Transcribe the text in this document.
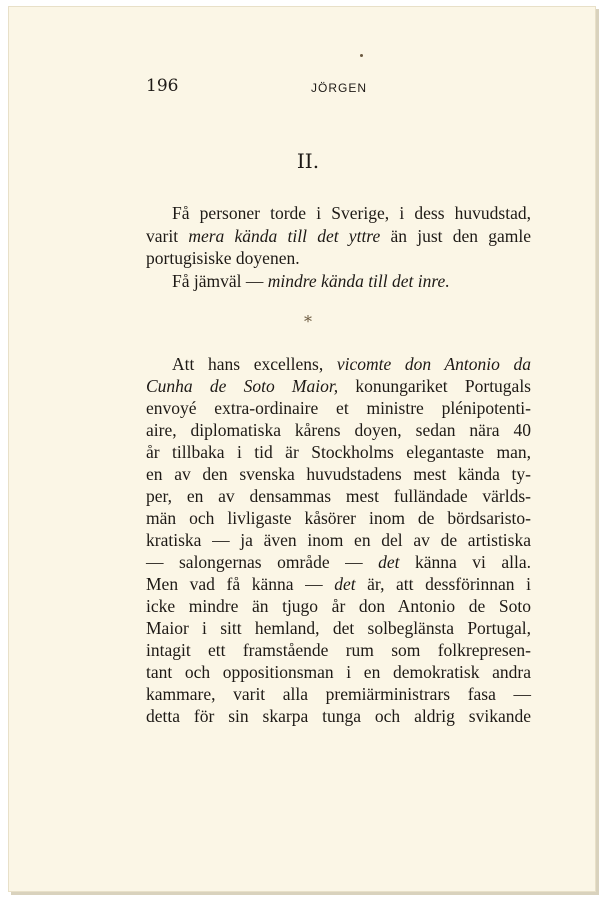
196	JÖRGEN
II.
Få personer torde i Sverige, i dess huvudstad,
varit mera kända till det yttre än just den gamle
portugisiske doyenen.
Få jämväl — mindre kända till det inre.
*
Att hans excellens, vicomte don Antonio da
Cunha de Soto Maior, konungariket Portugals
envoyé extra-ordinaire et ministre plénipotenti-
aire, diplomatiska kårens doyen, sedan nära 40
år tillbaka i tid är Stockholms elegantaste man,
en av den svenska huvudstadens mest kända ty-
per, en av densammas mest fulländade världs-
män och livligaste kåsörer inom de bördsaristo-
kratiska — ja även inom en del av de artistiska
— salongernas område — det känna vi alla.
Men vad få känna — det är, att dessförinnan i
icke mindre än tjugo år don Antonio de Soto
Maior i sitt hemland, det solbeglänsta Portugal,
intagit ett framstående rum som folkrepresen-
tant och oppositionsman i en demokratisk andra
kammare, varit alla premiärministrars fasa —
detta för sin skarpa tunga och aldrig svikande
